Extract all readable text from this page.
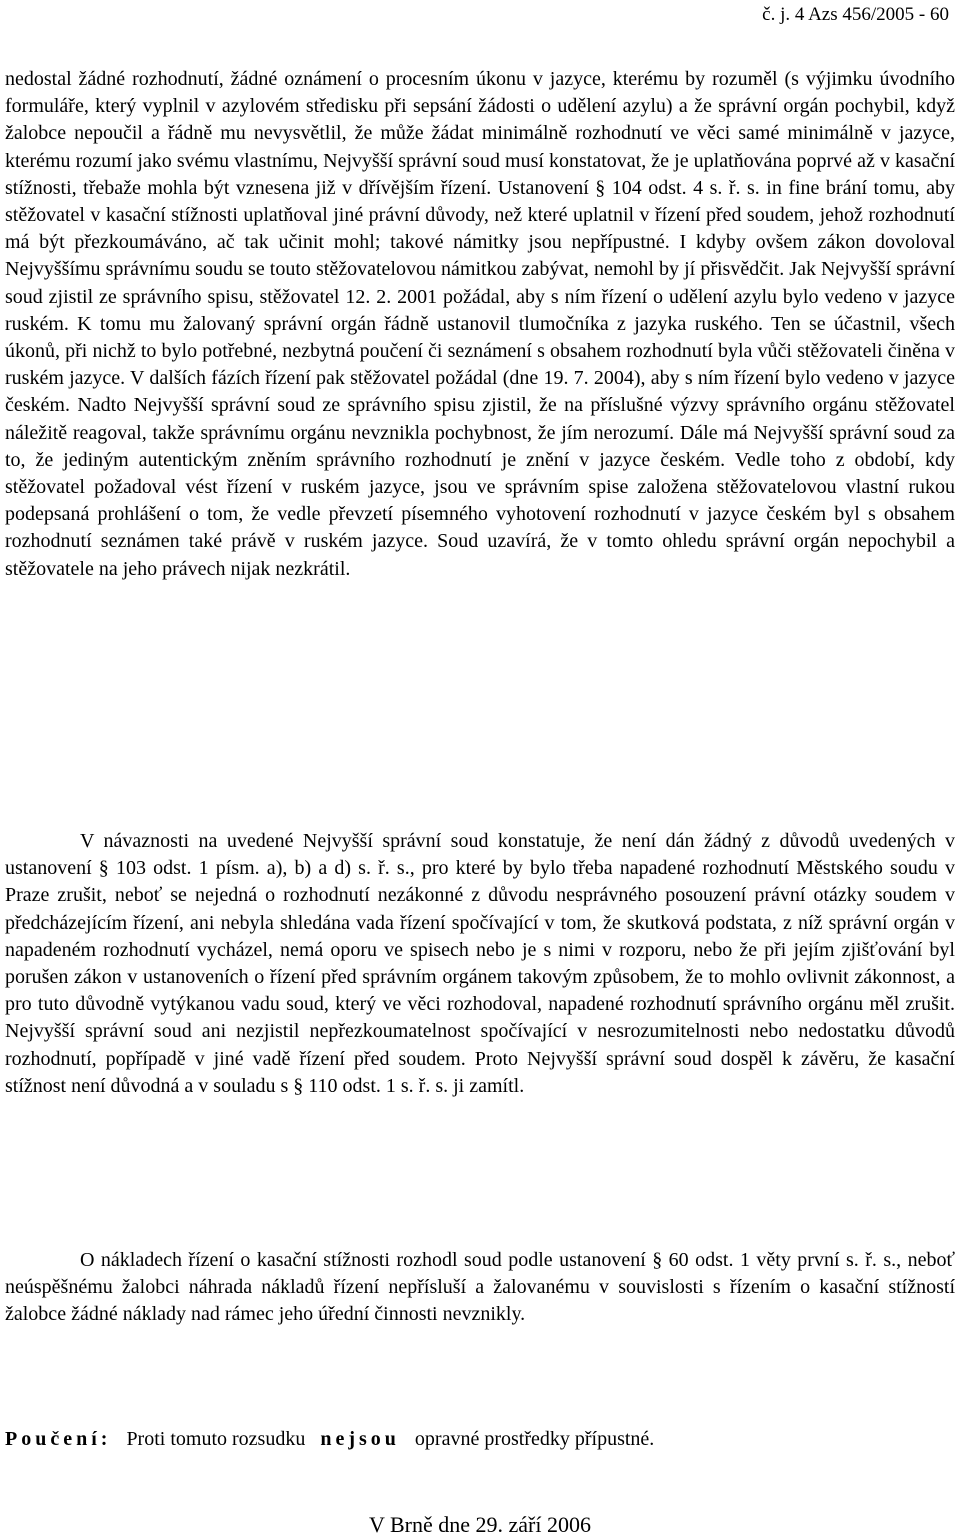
č. j. 4 Azs 456/2005 - 60

nedostal žádné rozhodnutí, žádné oznámení o procesním úkonu v jazyce, kterému by rozuměl (s výjimku úvodního formuláře, který vyplnil v azylovém středisku při sepsání žádosti o udělení azylu) a že správní orgán pochybil, když žalobce nepoučil a řádně mu nevysvětlil, že může žádat minimálně rozhodnutí ve věci samé minimálně v jazyce, kterému rozumí jako svému vlastnímu, Nejvyšší správní soud musí konstatovat, že je uplatňována poprvé až v kasační stížnosti, třebaže mohla být vznesena již v dřívějším řízení. Ustanovení § 104 odst. 4 s. ř. s. in fine brání tomu, aby stěžovatel v kasační stížnosti uplatňoval jiné právní důvody, než které uplatnil v řízení před soudem, jehož rozhodnutí má být přezkoumáváno, ač tak učinit mohl; takové námitky jsou nepřípustné. I kdyby ovšem zákon dovoloval Nejvyššímu správnímu soudu se touto stěžovatelovou námitkou zabývat, nemohl by jí přisvědčit. Jak Nejvyšší správní soud zjistil ze správního spisu, stěžovatel 12. 2. 2001 požádal, aby s ním řízení o udělení azylu bylo vedeno v jazyce ruském. K tomu mu žalovaný správní orgán řádně ustanovil tlumočníka z jazyka ruského. Ten se účastnil, všech úkonů, při nichž to bylo potřebné, nezbytná poučení či seznámení s obsahem rozhodnutí byla vůči stěžovateli činěna v ruském jazyce. V dalších fázích řízení pak stěžovatel požádal (dne 19. 7. 2004), aby s ním řízení bylo vedeno v jazyce českém. Nadto Nejvyšší správní soud ze správního spisu zjistil, že na příslušné výzvy správního orgánu stěžovatel náležitě reagoval, takže správnímu orgánu nevznikla pochybnost, že jím nerozumí. Dále má Nejvyšší správní soud za to, že jediným autentickým zněním správního rozhodnutí je znění v jazyce českém. Vedle toho z období, kdy stěžovatel požadoval vést řízení v ruském jazyce, jsou ve správním spise založena stěžovatelovou vlastní rukou podepsaná prohlášení o tom, že vedle převzetí písemného vyhotovení rozhodnutí v jazyce českém byl s obsahem rozhodnutí seznámen také právě v ruském jazyce. Soud uzavírá, že v tomto ohledu správní orgán nepochybil a stěžovatele na jeho právech nijak nezkrátil.

V návaznosti na uvedené Nejvyšší správní soud konstatuje, že není dán žádný z důvodů uvedených v ustanovení § 103 odst. 1 písm. a), b) a d) s. ř. s., pro které by bylo třeba napadené rozhodnutí Městského soudu v Praze zrušit, neboť se nejedná o rozhodnutí nezákonné z důvodu nesprávného posouzení právní otázky soudem v předcházejícím řízení, ani nebyla shledána vada řízení spočívající v tom, že skutková podstata, z níž správní orgán v napadeném rozhodnutí vycházel, nemá oporu ve spisech nebo je s nimi v rozporu, nebo že při jejím zjišťování byl porušen zákon v ustanoveních o řízení před správním orgánem takovým způsobem, že to mohlo ovlivnit zákonnost, a pro tuto důvodně vytýkanou vadu soud, který ve věci rozhodoval, napadené rozhodnutí správního orgánu měl zrušit. Nejvyšší správní soud ani nezjistil nepřezkoumatelnost spočívající v nesrozumitelnosti nebo nedostatku důvodů rozhodnutí, popřípadě v jiné vadě řízení před soudem. Proto Nejvyšší správní soud dospěl k závěru, že kasační stížnost není důvodná a v souladu s § 110 odst. 1 s. ř. s. ji zamítl.

O nákladech řízení o kasační stížnosti rozhodl soud podle ustanovení § 60 odst. 1 věty první s. ř. s., neboť neúspěšnému žalobci náhrada nákladů řízení nepřísluší a žalovanému v souvislosti s řízením o kasační stížností žalobce žádné náklady nad rámec jeho úřední činnosti nevznikly.

Poučení: Proti tomuto rozsudku nejsou opravné prostředky přípustné.

V Brně dne 29. září 2006
